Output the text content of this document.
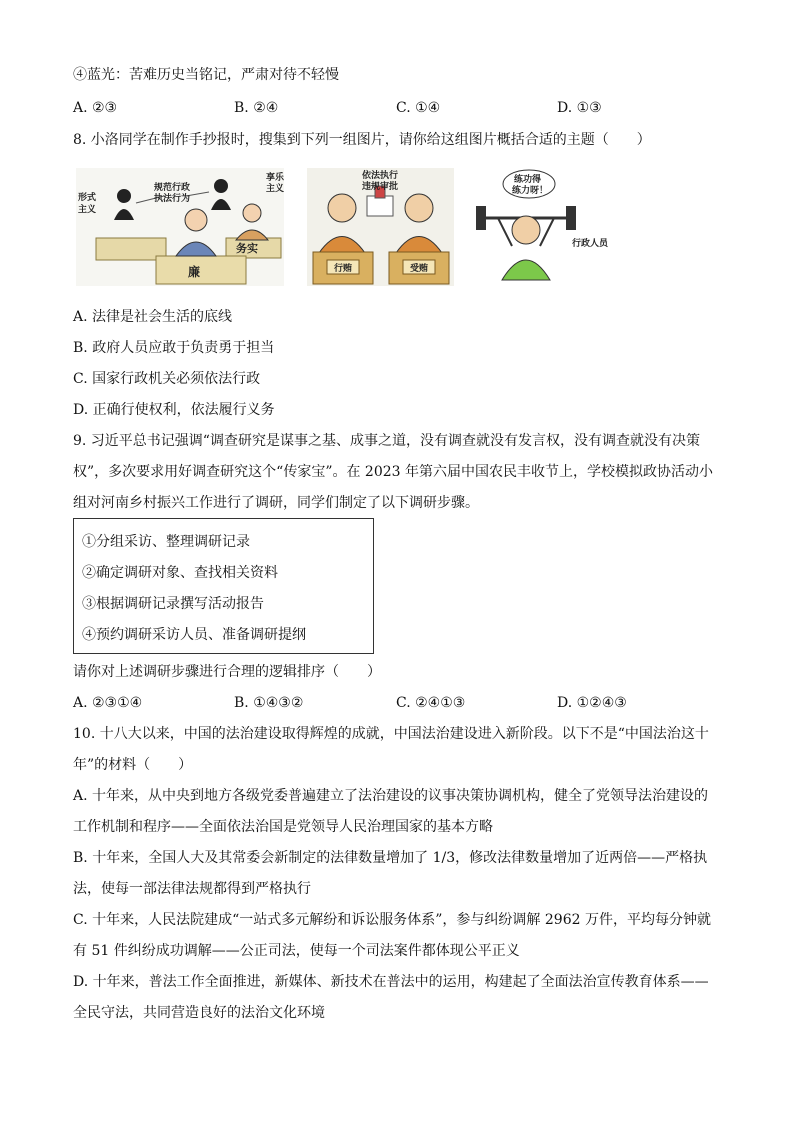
④蓝光：苦难历史当铭记，严肃对待不轻慢
A. ②③	B. ②④	C. ①④	D. ①③
8. 小洛同学在制作手抄报时，搜集到下列一组图片，请你给这组图片概括合适的主题（　　）
形式
主义
规范行政
执法行为
享乐
主义
廉
务实
依法执行
违规审批
行贿	受贿
练功得
练力呀！
行政人员
A. 法律是社会生活的底线
B. 政府人员应敢于负责勇于担当
C. 国家行政机关必须依法行政
D. 正确行使权利，依法履行义务
9. 习近平总书记强调“调查研究是谋事之基、成事之道，没有调查就没有发言权，没有调查就没有决策
权”，多次要求用好调查研究这个“传家宝”。在 2023 年第六届中国农民丰收节上，学校模拟政协活动小
组对河南乡村振兴工作进行了调研，同学们制定了以下调研步骤。
①分组采访、整理调研记录
②确定调研对象、查找相关资料
③根据调研记录撰写活动报告
④预约调研采访人员、准备调研提纲
请你对上述调研步骤进行合理的逻辑排序（　　）
A. ②③①④	B. ①④③②	C. ②④①③	D. ①②④③
10. 十八大以来，中国的法治建设取得辉煌的成就，中国法治建设进入新阶段。以下不是“中国法治这十
年”的材料（　　）
A. 十年来，从中央到地方各级党委普遍建立了法治建设的议事决策协调机构，健全了党领导法治建设的
工作机制和程序——全面依法治国是党领导人民治理国家的基本方略
B. 十年来，全国人大及其常委会新制定的法律数量增加了 1/3，修改法律数量增加了近两倍——严格执
法，使每一部法律法规都得到严格执行
C. 十年来，人民法院建成“一站式多元解纷和诉讼服务体系”，参与纠纷调解 2962 万件，平均每分钟就
有 51 件纠纷成功调解——公正司法，使每一个司法案件都体现公平正义
D. 十年来，普法工作全面推进，新媒体、新技术在普法中的运用，构建起了全面法治宣传教育体系——
全民守法，共同营造良好的法治文化环境
